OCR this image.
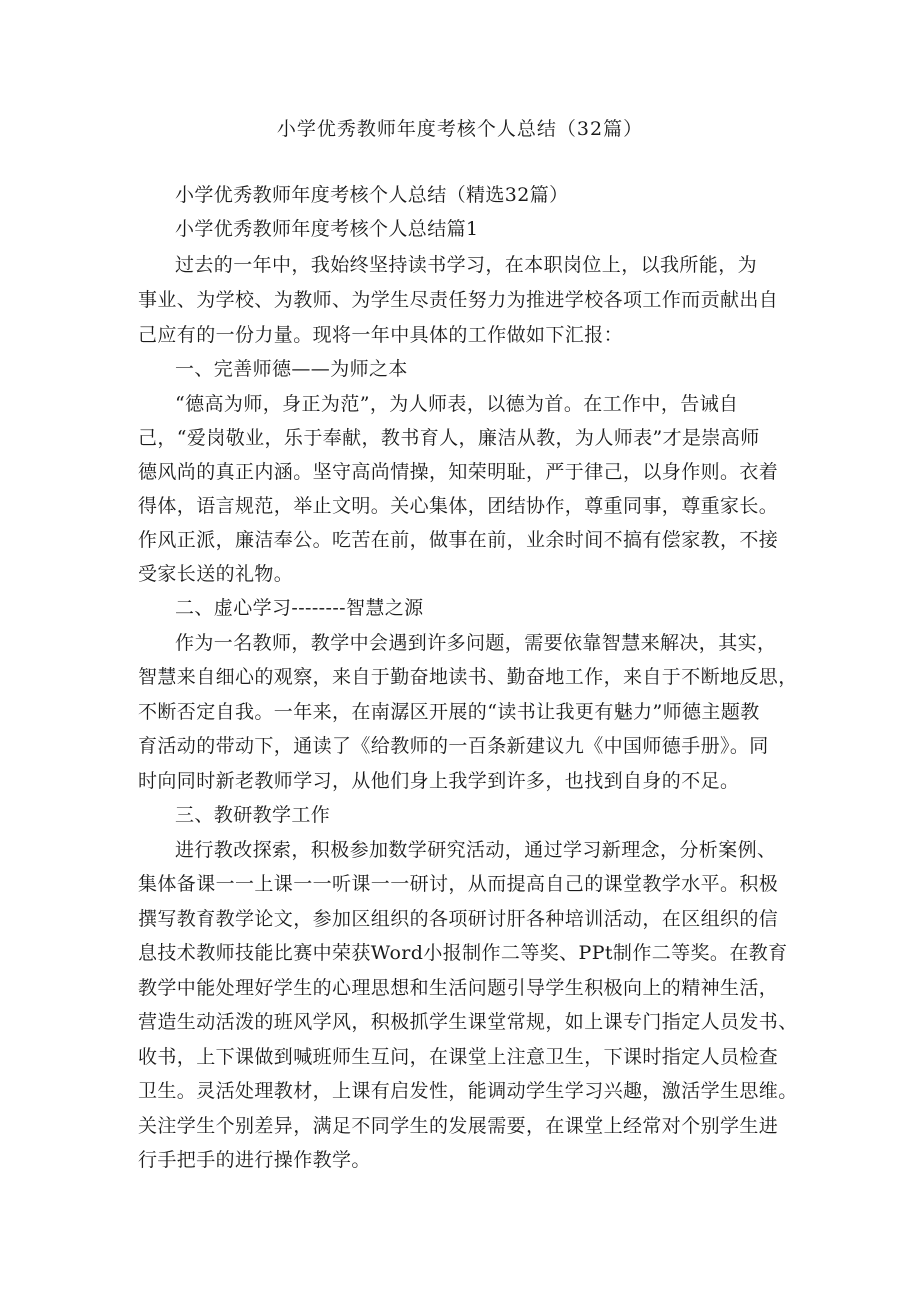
小学优秀教师年度考核个人总结（32篇）
小学优秀教师年度考核个人总结（精选32篇）
小学优秀教师年度考核个人总结篇1
过去的一年中，我始终坚持读书学习，在本职岗位上，以我所能，为
事业、为学校、为教师、为学生尽责任努力为推进学校各项工作而贡献出自
己应有的一份力量。现将一年中具体的工作做如下汇报：
一、完善师德——为师之本
“德高为师，身正为范”，为人师表，以德为首。在工作中，告诫自
己，“爱岗敬业，乐于奉献，教书育人，廉洁从教，为人师表”才是崇高师
德风尚的真正内涵。坚守高尚情操，知荣明耻，严于律己，以身作则。衣着
得体，语言规范，举止文明。关心集体，团结协作，尊重同事，尊重家长。
作风正派，廉洁奉公。吃苦在前，做事在前，业余时间不搞有偿家教，不接
受家长送的礼物。
二、虚心学习--------智慧之源
作为一名教师，教学中会遇到许多问题，需要依靠智慧来解决，其实，
智慧来自细心的观察，来自于勤奋地读书、勤奋地工作，来自于不断地反思，
不断否定自我。一年来，在南潺区开展的“读书让我更有魅力”师德主题教
育活动的带动下，通读了《给教师的一百条新建议九《中国师德手册》。同
时向同时新老教师学习，从他们身上我学到许多，也找到自身的不足。
三、教研教学工作
进行教改探索，积极参加数学研究活动，通过学习新理念，分析案例、
集体备课一一上课一一听课一一研讨，从而提高自己的课堂教学水平。积极
撰写教育教学论文，参加区组织的各项研讨肝各种培训活动，在区组织的信
息技术教师技能比赛中荣获Word小报制作二等奖、PPt制作二等奖。在教育
教学中能处理好学生的心理思想和生活问题引导学生积极向上的精神生活，
营造生动活泼的班风学风，积极抓学生课堂常规，如上课专门指定人员发书、
收书，上下课做到喊班师生互问，在课堂上注意卫生，下课时指定人员检查
卫生。灵活处理教材，上课有启发性，能调动学生学习兴趣，激活学生思维。
关注学生个别差异，满足不同学生的发展需要，在课堂上经常对个别学生进
行手把手的进行操作教学。
